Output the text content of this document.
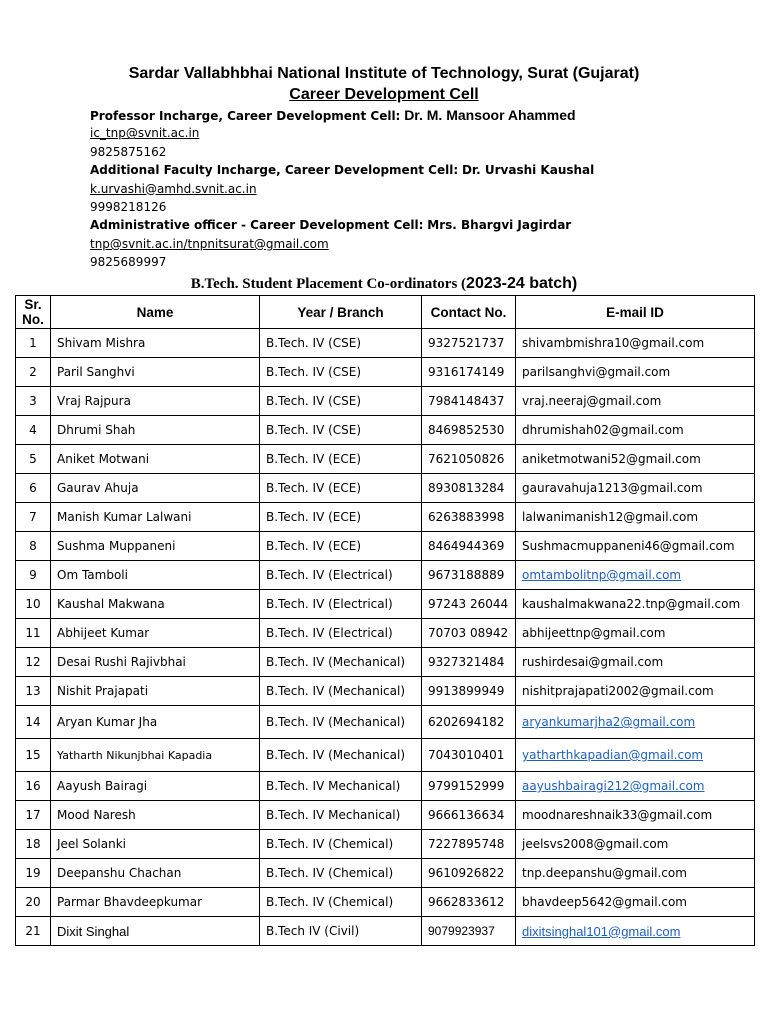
Sardar Vallabhbhai National Institute of Technology, Surat (Gujarat)
Career Development Cell
Professor Incharge, Career Development Cell: Dr. M. Mansoor Ahammed
ic_tnp@svnit.ac.in
9825875162
Additional Faculty Incharge, Career Development Cell: Dr. Urvashi Kaushal
k.urvashi@amhd.svnit.ac.in
9998218126
Administrative officer - Career Development Cell: Mrs. Bhargvi Jagirdar
tnp@svnit.ac.in/tnpnitsurat@gmail.com
9825689997
B.Tech. Student Placement Co-ordinators (2023-24 batch)
Sr. No.	Name	Year / Branch	Contact No.	E-mail ID
1	Shivam Mishra	B.Tech. IV (CSE)	9327521737	shivambmishra10@gmail.com
2	Paril Sanghvi	B.Tech. IV (CSE)	9316174149	parilsanghvi@gmail.com
3	Vraj Rajpura	B.Tech. IV (CSE)	7984148437	vraj.neeraj@gmail.com
4	Dhrumi Shah	B.Tech. IV (CSE)	8469852530	dhrumishah02@gmail.com
5	Aniket Motwani	B.Tech. IV (ECE)	7621050826	aniketmotwani52@gmail.com
6	Gaurav Ahuja	B.Tech. IV (ECE)	8930813284	gauravahuja1213@gmail.com
7	Manish Kumar Lalwani	B.Tech. IV (ECE)	6263883998	lalwanimanish12@gmail.com
8	Sushma Muppaneni	B.Tech. IV (ECE)	8464944369	Sushmacmuppaneni46@gmail.com
9	Om Tamboli	B.Tech. IV (Electrical)	9673188889	omtambolitnp@gmail.com
10	Kaushal Makwana	B.Tech. IV (Electrical)	97243 26044	kaushalmakwana22.tnp@gmail.com
11	Abhijeet Kumar	B.Tech. IV (Electrical)	70703 08942	abhijeettnp@gmail.com
12	Desai Rushi Rajivbhai	B.Tech. IV (Mechanical)	9327321484	rushirdesai@gmail.com
13	Nishit Prajapati	B.Tech. IV (Mechanical)	9913899949	nishitprajapati2002@gmail.com
14	Aryan Kumar Jha	B.Tech. IV (Mechanical)	6202694182	aryankumarjha2@gmail.com
15	Yatharth Nikunjbhai Kapadia	B.Tech. IV (Mechanical)	7043010401	yatharthkapadian@gmail.com
16	Aayush Bairagi	B.Tech. IV Mechanical)	9799152999	aayushbairagi212@gmail.com
17	Mood Naresh	B.Tech. IV Mechanical)	9666136634	moodnareshnaik33@gmail.com
18	Jeel Solanki	B.Tech. IV (Chemical)	7227895748	jeelsvs2008@gmail.com
19	Deepanshu Chachan	B.Tech. IV (Chemical)	9610926822	tnp.deepanshu@gmail.com
20	Parmar Bhavdeepkumar	B.Tech. IV (Chemical)	9662833612	bhavdeep5642@gmail.com
21	Dixit Singhal	B.Tech IV (Civil)	9079923937	dixitsinghal101@gmail.com
